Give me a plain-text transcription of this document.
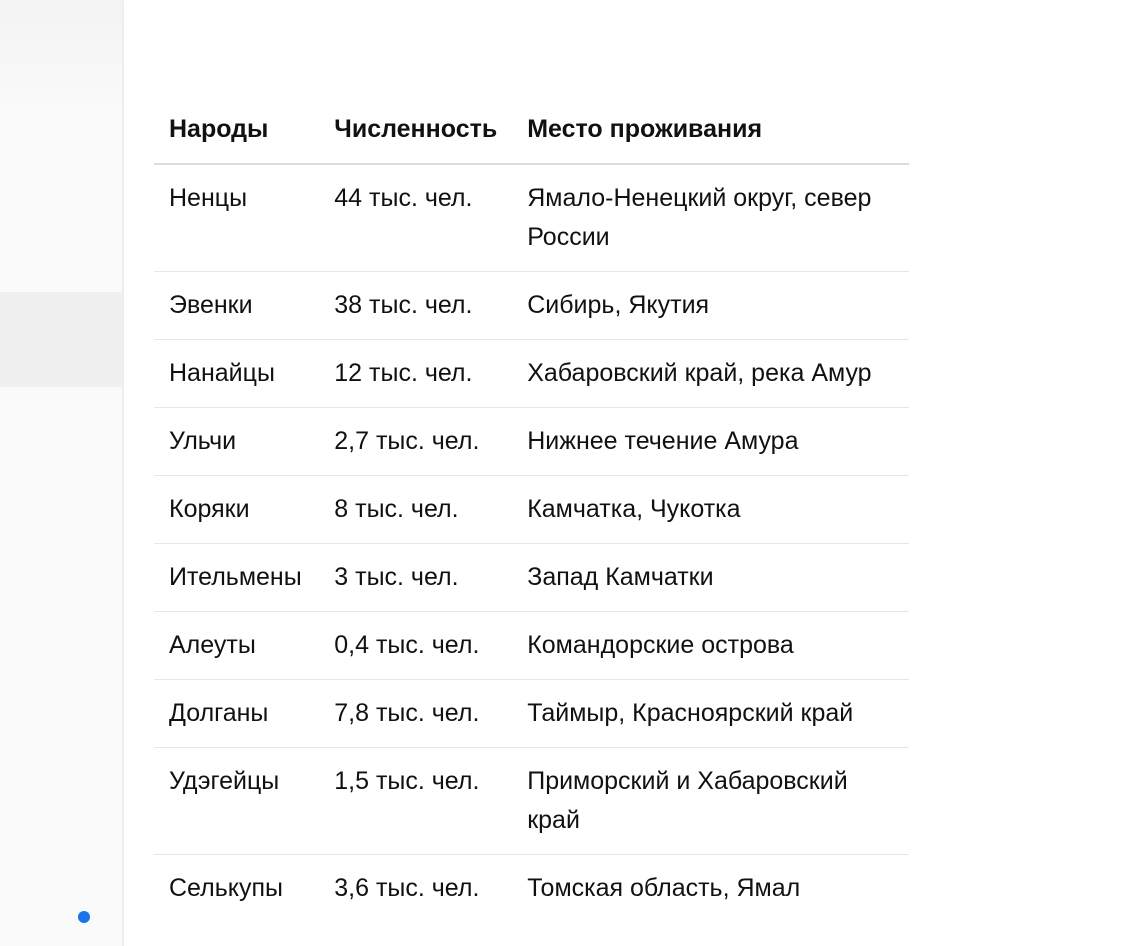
Народы	Численность	Место проживания
Ненцы	44 тыс. чел.	Ямало-Ненецкий округ, север России
Эвенки	38 тыс. чел.	Сибирь, Якутия
Нанайцы	12 тыс. чел.	Хабаровский край, река Амур
Ульчи	2,7 тыс. чел.	Нижнее течение Амура
Коряки	8 тыс. чел.	Камчатка, Чукотка
Ительмены	3 тыс. чел.	Запад Камчатки
Алеуты	0,4 тыс. чел.	Командорские острова
Долганы	7,8 тыс. чел.	Таймыр, Красноярский край
Удэгейцы	1,5 тыс. чел.	Приморский и Хабаровский край
Селькупы	3,6 тыс. чел.	Томская область, Ямал
